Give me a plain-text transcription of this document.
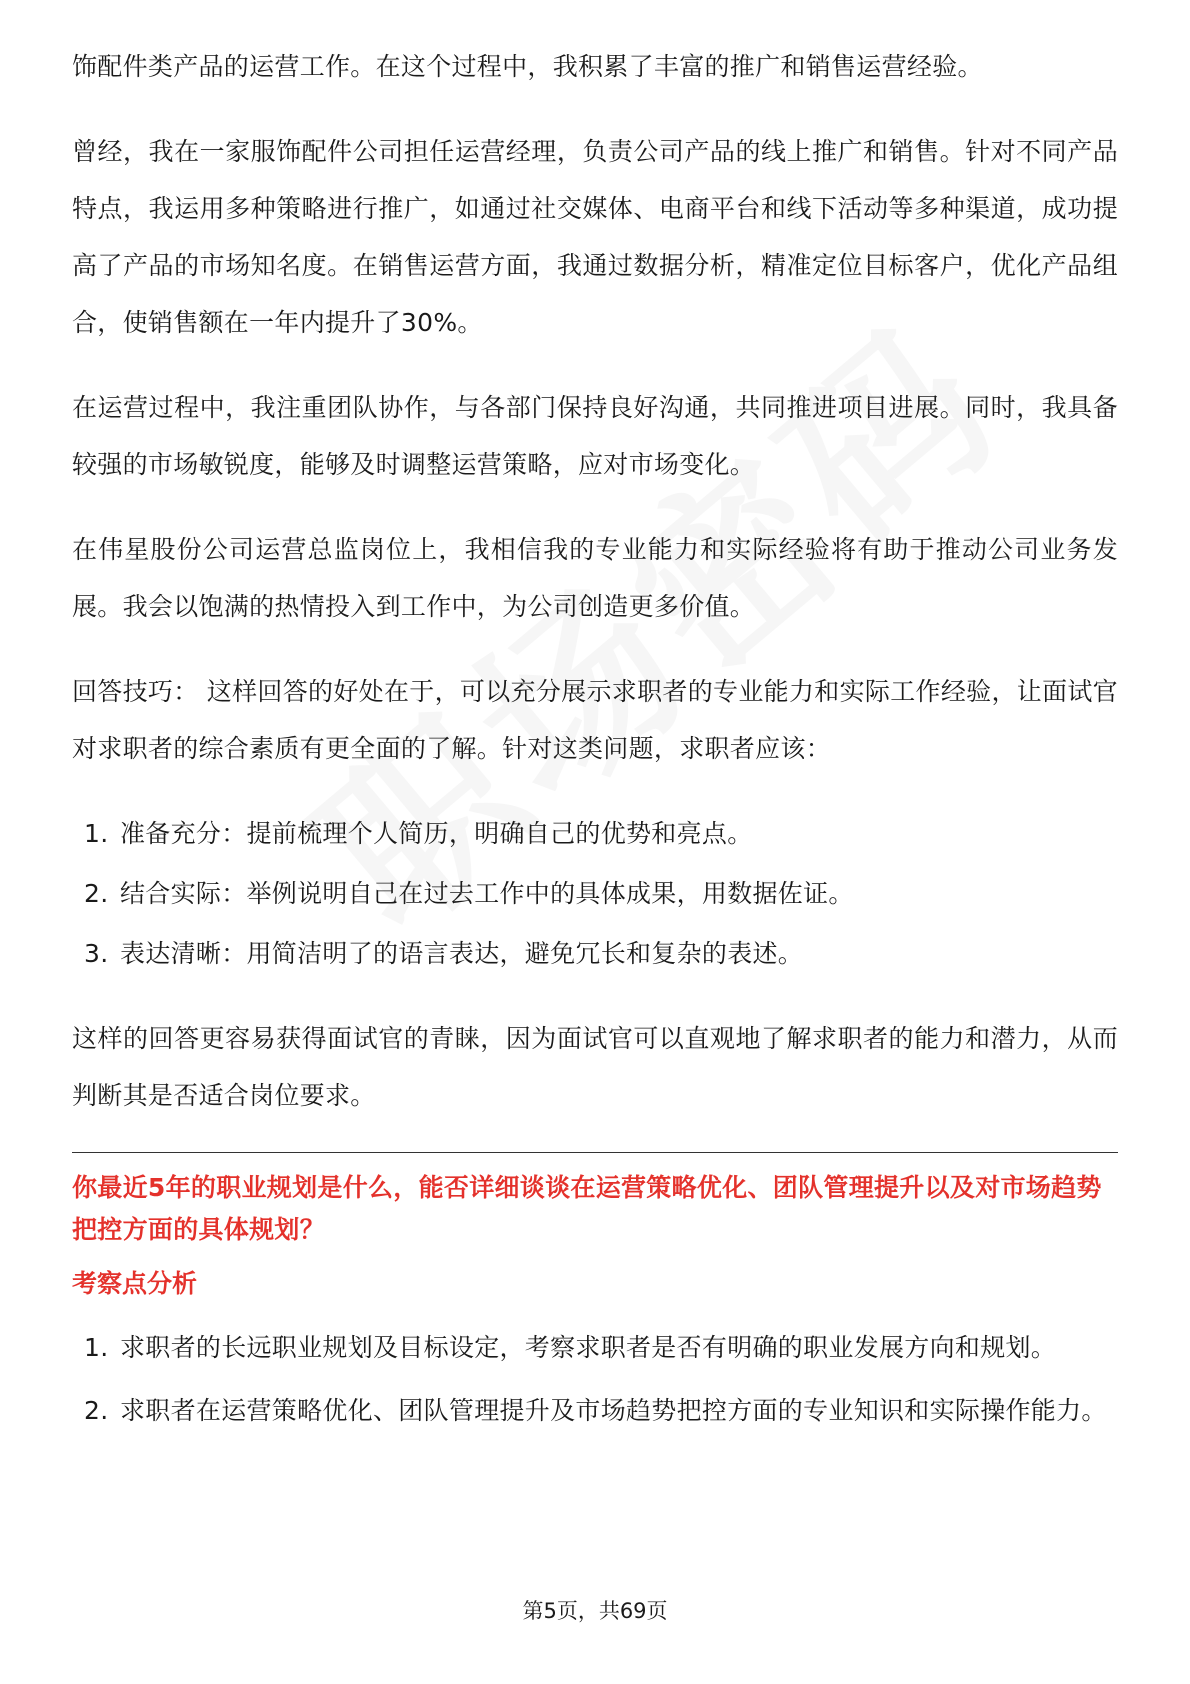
饰配件类产品的运营工作。在这个过程中，我积累了丰富的推广和销售运营经验。

曾经，我在一家服饰配件公司担任运营经理，负责公司产品的线上推广和销售。针对不同产品特点，我运用多种策略进行推广，如通过社交媒体、电商平台和线下活动等多种渠道，成功提高了产品的市场知名度。在销售运营方面，我通过数据分析，精准定位目标客户，优化产品组合，使销售额在一年内提升了30%。

在运营过程中，我注重团队协作，与各部门保持良好沟通，共同推进项目进展。同时，我具备较强的市场敏锐度，能够及时调整运营策略，应对市场变化。

在伟星股份公司运营总监岗位上，我相信我的专业能力和实际经验将有助于推动公司业务发展。我会以饱满的热情投入到工作中，为公司创造更多价值。

回答技巧： 这样回答的好处在于，可以充分展示求职者的专业能力和实际工作经验，让面试官对求职者的综合素质有更全面的了解。针对这类问题，求职者应该：

1. 准备充分：提前梳理个人简历，明确自己的优势和亮点。
2. 结合实际：举例说明自己在过去工作中的具体成果，用数据佐证。
3. 表达清晰：用简洁明了的语言表达，避免冗长和复杂的表述。

这样的回答更容易获得面试官的青睐，因为面试官可以直观地了解求职者的能力和潜力，从而判断其是否适合岗位要求。

你最近5年的职业规划是什么，能否详细谈谈在运营策略优化、团队管理提升以及对市场趋势把控方面的具体规划？

考察点分析

1. 求职者的长远职业规划及目标设定，考察求职者是否有明确的职业发展方向和规划。
2. 求职者在运营策略优化、团队管理提升及市场趋势把控方面的专业知识和实际操作能力。
第5页，共69页
